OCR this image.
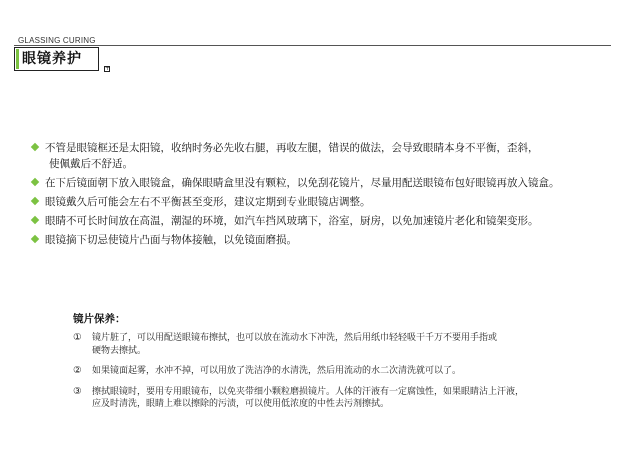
GLASSING CURING
眼镜养护
+
不管是眼镜框还是太阳镜，收纳时务必先收右腿，再收左腿，错误的做法，会导致眼睛本身不平衡，歪斜，
使佩戴后不舒适。
在下后镜面朝下放入眼镜盒，确保眼睛盒里没有颗粒，以免刮花镜片，尽量用配送眼镜布包好眼镜再放入镜盒。
眼镜戴久后可能会左右不平衡甚至变形，建议定期到专业眼镜店调整。
眼睛不可长时间放在高温，潮湿的环境，如汽车挡风玻璃下，浴室，厨房，以免加速镜片老化和镜架变形。
眼镜摘下切忌使镜片凸面与物体接触，以免镜面磨损。
镜片保养：
① 镜片脏了，可以用配送眼镜布擦拭，也可以放在流动水下冲洗，然后用纸巾轻轻吸干千万不要用手指或
硬物去擦拭。
② 如果镜面起雾，水冲不掉，可以用放了洗洁净的水清洗，然后用流动的水二次清洗就可以了。
③ 擦拭眼镜时，要用专用眼镜布，以免夹带细小颗粒磨损镜片。人体的汗液有一定腐蚀性，如果眼睛沾上汗液，
应及时清洗，眼睛上难以擦除的污渍，可以使用低浓度的中性去污剂擦拭。
